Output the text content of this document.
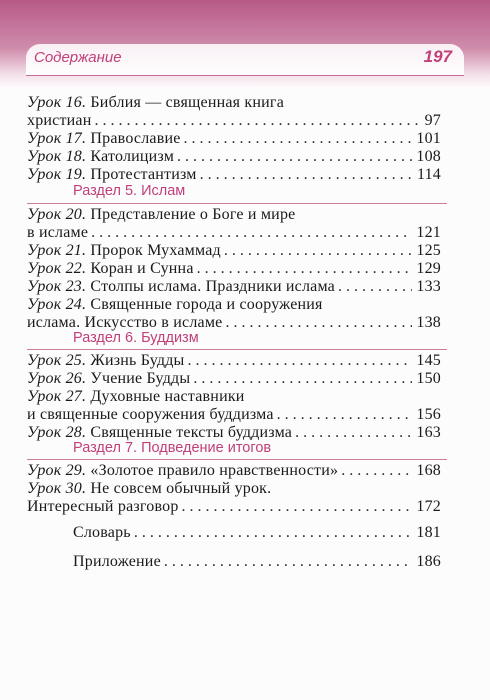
Содержание	197
Урок 16.
Библия — священная книга
христиан . . .	97
Урок 17.
Православие . . .	101
Урок 18.
Католицизм . . .	108
Урок 19.
Протестантизм . . .	114
Раздел 5. Ислам
Урок 20.
Представление о Боге и мире
в исламе . . .	121
Урок 21.
Пророк Мухаммад . . .	125
Урок 22.
Коран и Сунна . . .	129
Урок 23.
Столпы ислама. Праздники ислама . . .	133
Урок 24.
Священные города и сооружения
ислама. Искусство в исламе . . .	138
Раздел 6. Буддизм
Урок 25.
Жизнь Будды . . .	145
Урок 26.
Учение Будды . . .	150
Урок 27.
Духовные наставники
и священные сооружения буддизма . . .	156
Урок 28.
Священные тексты буддизма . . .	163
Раздел 7. Подведение итогов
Урок 29.
«Золотое правило нравственности» . . .	168
Урок 30.
Не совсем обычный урок.
Интересный разговор . . .	172
Словарь . . .	181
Приложение . . .	186
